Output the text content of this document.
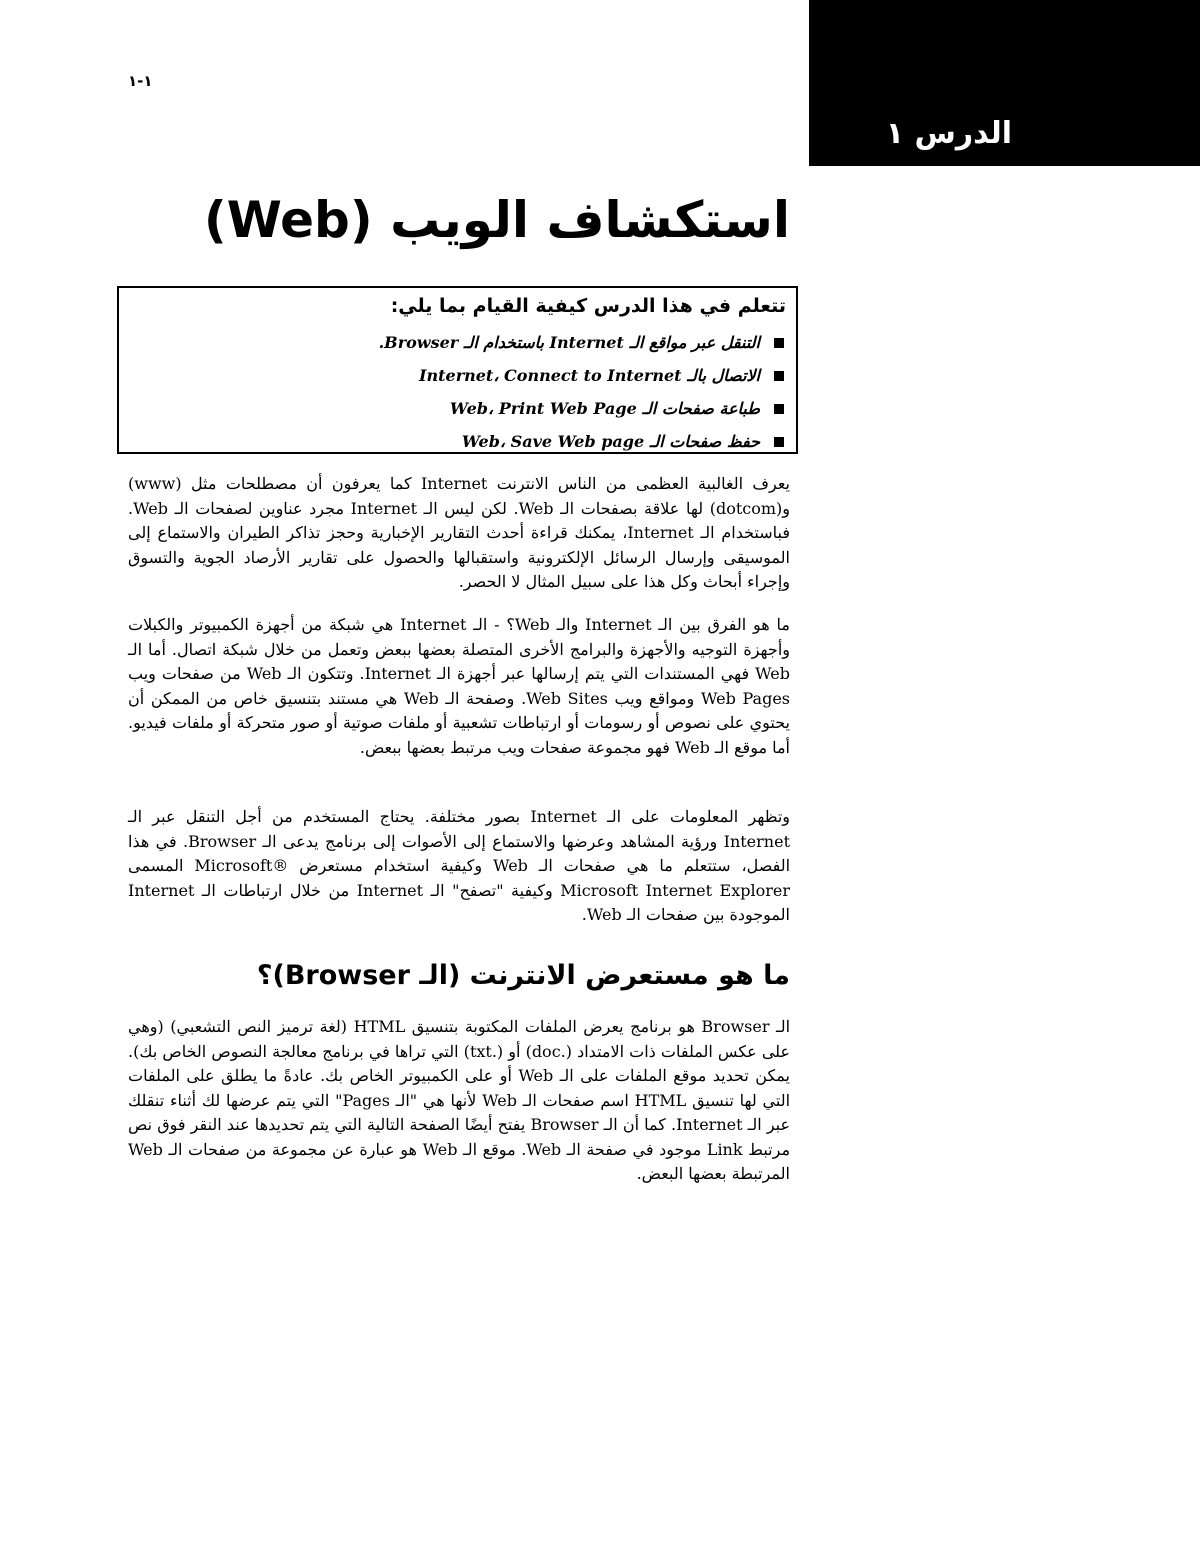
الدرس ١
١-١
استكشاف الويب (Web)
تتعلم في هذا الدرس كيفية القيام بما يلي:
التنقل عبر مواقع الـ Internet باستخدام الـ Browser.
الاتصال بالـ Internet، Connect to Internet
طباعة صفحات الـ Web، Print Web Page
حفظ صفحات الـ Web، Save Web page

يعرف الغالبية العظمى من الناس الانترنت Internet كما يعرفون أن مصطلحات مثل (www) و(dotcom) لها علاقة بصفحات الـ Web. لكن ليس الـ Internet مجرد عناوين لصفحات الـ Web. فباستخدام الـ Internet، يمكنك قراءة أحدث التقارير الإخبارية وحجز تذاكر الطيران والاستماع إلى الموسيقى وإرسال الرسائل الإلكترونية واستقبالها والحصول على تقارير الأرصاد الجوية والتسوق وإجراء أبحاث وكل هذا على سبيل المثال لا الحصر.

ما هو الفرق بين الـ Internet والـ Web؟ - الـ Internet هي شبكة من أجهزة الكمبيوتر والكبلات وأجهزة التوجيه والأجهزة والبرامج الأخرى المتصلة بعضها ببعض وتعمل من خلال شبكة اتصال. أما الـ Web فهي المستندات التي يتم إرسالها عبر أجهزة الـ Internet. وتتكون الـ Web من صفحات ويب Web Pages ومواقع ويب Web Sites. وصفحة الـ Web هي مستند بتنسيق خاص من الممكن أن يحتوي على نصوص أو رسومات أو ارتباطات تشعبية أو ملفات صوتية أو صور متحركة أو ملفات فيديو. أما موقع الـ Web فهو مجموعة صفحات ويب مرتبط بعضها ببعض.

وتظهر المعلومات على الـ Internet بصور مختلفة. يحتاج المستخدم من أجل التنقل عبر الـ Internet ورؤية المشاهد وعرضها والاستماع إلى الأصوات إلى برنامج يدعى الـ Browser. في هذا الفصل، ستتعلم ما هي صفحات الـ Web وكيفية استخدام مستعرض ®Microsoft المسمى Microsoft Internet Explorer وكيفية "تصفح" الـ Internet من خلال ارتباطات الـ Internet الموجودة بين صفحات الـ Web.

ما هو مستعرض الانترنت (الـ Browser)؟

الـ Browser هو برنامج يعرض الملفات المكتوبة بتنسيق HTML (لغة ترميز النص التشعبي) (وهي على عكس الملفات ذات الامتداد (.doc) أو (.txt) التي تراها في برنامج معالجة النصوص الخاص بك). يمكن تحديد موقع الملفات على الـ Web أو على الكمبيوتر الخاص بك. عادةً ما يطلق على الملفات التي لها تنسيق HTML اسم صفحات الـ Web لأنها هي "الـ Pages" التي يتم عرضها لك أثناء تنقلك عبر الـ Internet. كما أن الـ Browser يفتح أيضًا الصفحة التالية التي يتم تحديدها عند النقر فوق نص مرتبط Link موجود في صفحة الـ Web. موقع الـ Web هو عبارة عن مجموعة من صفحات الـ Web المرتبطة بعضها البعض.
